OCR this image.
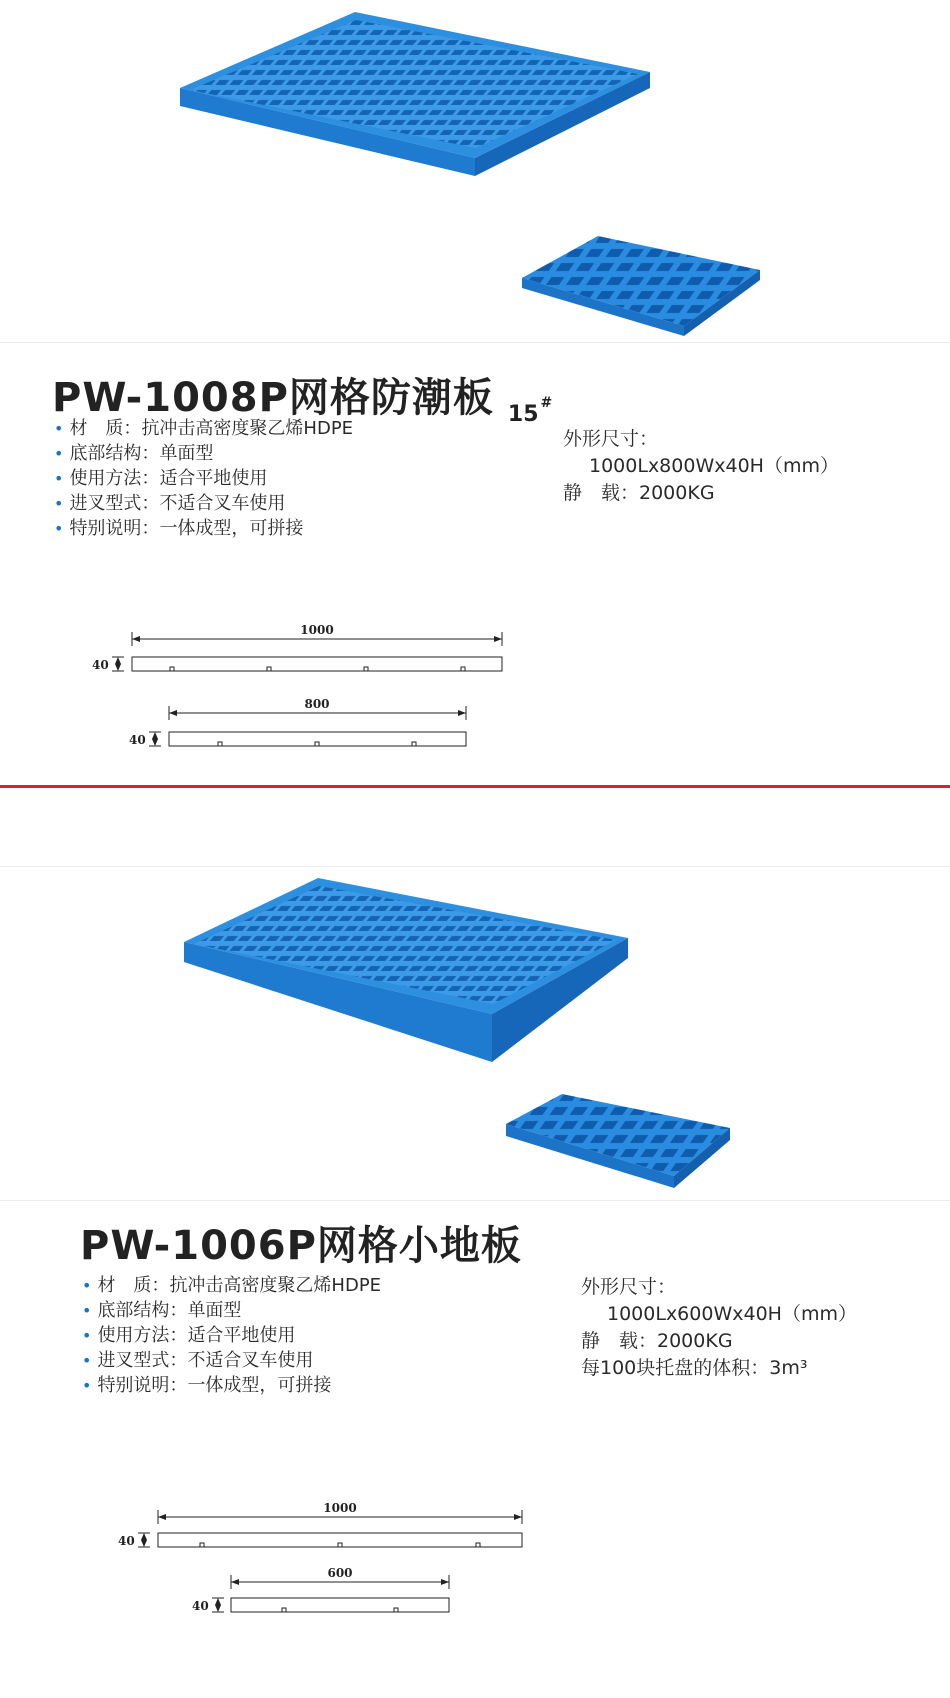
PW-1008P网格防潮板 $^{15 ^{\#}}$
• 材　质：抗冲击高密度聚乙烯HDPE
• 底部结构：单面型
• 使用方法：适合平地使用
• 进叉型式：不适合叉车使用
• 特别说明：一体成型，可拼接
外形尺寸：
1000Lx800Wx40H（mm）
静　载：2000KG
1000
40
800
40
PW-1006P网格小地板
• 材　质：抗冲击高密度聚乙烯HDPE
• 底部结构：单面型
• 使用方法：适合平地使用
• 进叉型式：不适合叉车使用
• 特别说明：一体成型，可拼接
外形尺寸：
1000Lx600Wx40H（mm）
静　载：2000KG
每100块托盘的体积：3m³
1000
40
600
40
